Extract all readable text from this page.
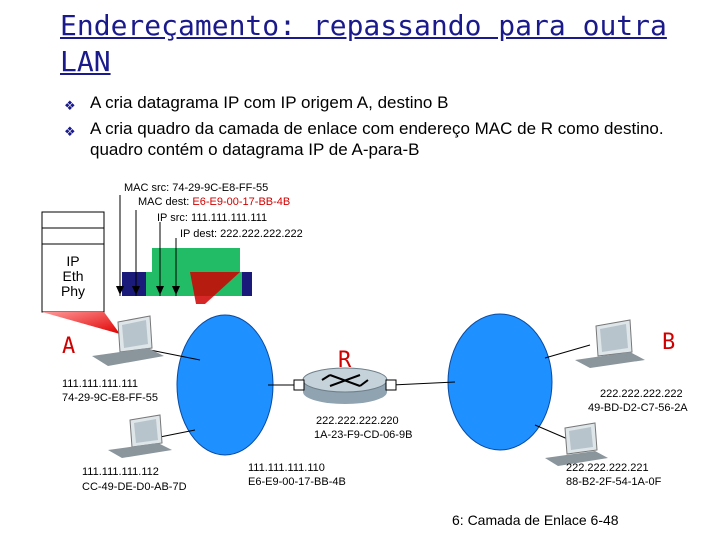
Endereçamento: repassando para outra LAN
❖ A cria datagrama IP com IP origem A, destino B
❖ A cria quadro da camada de enlace com endereço MAC de R como destino. quadro contém o datagrama IP de A-para-B
IP
Eth
Phy
MAC src: 74-29-9C-E8-FF-55
MAC dest: E6-E9-00-17-BB-4B
IP src: 111.111.111.111
IP dest: 222.222.222.222
A
R
B
111.111.111.111
74-29-9C-E8-FF-55
111.111.111.112
CC-49-DE-D0-AB-7D
111.111.111.110
E6-E9-00-17-BB-4B
222.222.222.220
1A-23-F9-CD-06-9B
222.222.222.222
49-BD-D2-C7-56-2A
222.222.222.221
88-B2-2F-54-1A-0F
6: Camada de Enlace 6-48
